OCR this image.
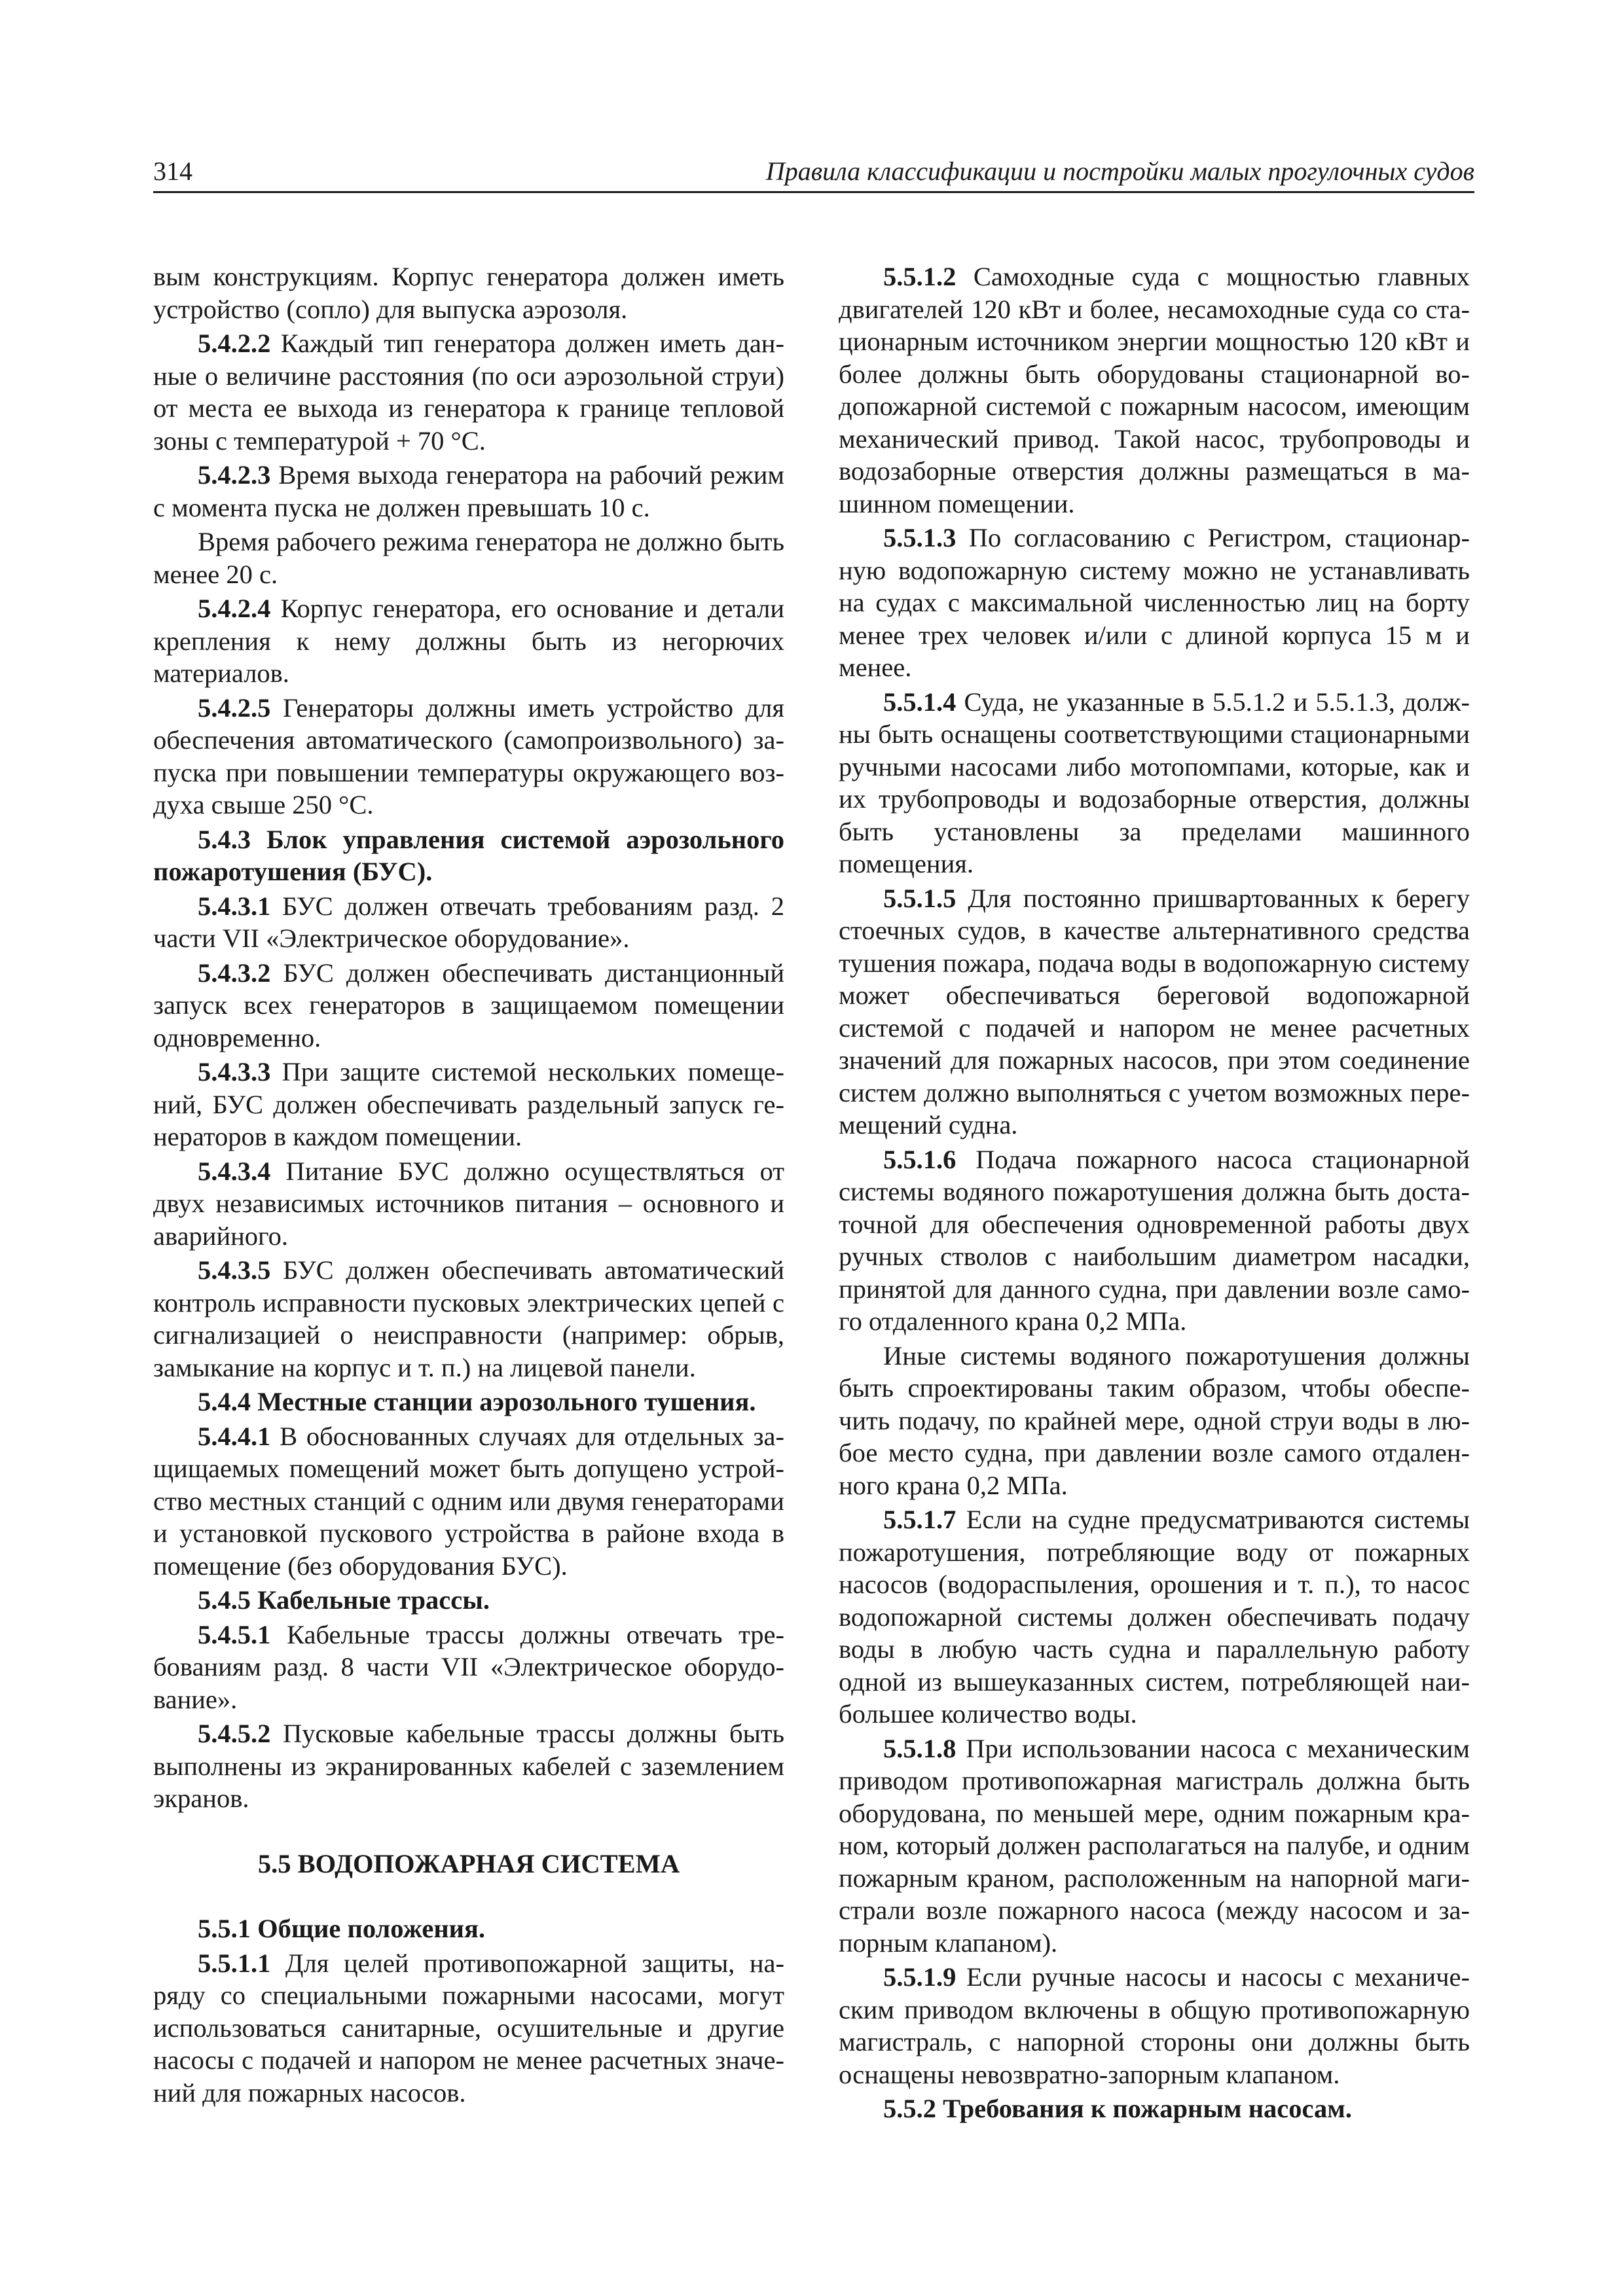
314	Правила классификации и постройки малых прогулочных судов

вым конструкциям. Корпус генератора должен иметь устройство (сопло) для выпуска аэрозоля.

5.4.2.2 Каждый тип генератора должен иметь данные о величине расстояния (по оси аэрозольной струи) от места ее выхода из генератора к границе тепловой зоны с температурой + 70 °С.

5.4.2.3 Время выхода генератора на рабочий режим с момента пуска не должен превышать 10 с.

Время рабочего режима генератора не должно быть менее 20 с.

5.4.2.4 Корпус генератора, его основание и детали крепления к нему должны быть из негорючих материалов.

5.4.2.5 Генераторы должны иметь устройство для обеспечения автоматического (самопроизвольного) запуска при повышении температуры окружающего воздуха свыше 250 °С.

5.4.3 Блок управления системой аэрозольного пожаротушения (БУС).

5.4.3.1 БУС должен отвечать требованиям разд. 2 части VII «Электрическое оборудование».

5.4.3.2 БУС должен обеспечивать дистанционный запуск всех генераторов в защищаемом помещении одновременно.

5.4.3.3 При защите системой нескольких помещений, БУС должен обеспечивать раздельный запуск генераторов в каждом помещении.

5.4.3.4 Питание БУС должно осуществляться от двух независимых источников питания – основного и аварийного.

5.4.3.5 БУС должен обеспечивать автоматический контроль исправности пусковых электрических цепей с сигнализацией о неисправности (например: обрыв, замыкание на корпус и т. п.) на лицевой панели.

5.4.4 Местные станции аэрозольного тушения.

5.4.4.1 В обоснованных случаях для отдельных защищаемых помещений может быть допущено устройство местных станций с одним или двумя генераторами и установкой пускового устройства в районе входа в помещение (без оборудования БУС).

5.4.5 Кабельные трассы.

5.4.5.1 Кабельные трассы должны отвечать требованиям разд. 8 части VII «Электрическое оборудование».

5.4.5.2 Пусковые кабельные трассы должны быть выполнены из экранированных кабелей с заземлением экранов.

5.5 ВОДОПОЖАРНАЯ СИСТЕМА

5.5.1 Общие положения.

5.5.1.1 Для целей противопожарной защиты, наряду со специальными пожарными насосами, могут использоваться санитарные, осушительные и другие насосы с подачей и напором не менее расчетных значений для пожарных насосов.

5.5.1.2 Самоходные суда с мощностью главных двигателей 120 кВт и более, несамоходные суда со стационарным источником энергии мощностью 120 кВт и более должны быть оборудованы стационарной водопожарной системой с пожарным насосом, имеющим механический привод. Такой насос, трубопроводы и водозаборные отверстия должны размещаться в машинном помещении.

5.5.1.3 По согласованию с Регистром, стационарную водопожарную систему можно не устанавливать на судах с максимальной численностью лиц на борту менее трех человек и/или с длиной корпуса 15 м и менее.

5.5.1.4 Суда, не указанные в 5.5.1.2 и 5.5.1.3, должны быть оснащены соответствующими стационарными ручными насосами либо мотопомпами, которые, как и их трубопроводы и водозаборные отверстия, должны быть установлены за пределами машинного помещения.

5.5.1.5 Для постоянно пришвартованных к берегу стоечных судов, в качестве альтернативного средства тушения пожара, подача воды в водопожарную систему может обеспечиваться береговой водопожарной системой с подачей и напором не менее расчетных значений для пожарных насосов, при этом соединение систем должно выполняться с учетом возможных перемещений судна.

5.5.1.6 Подача пожарного насоса стационарной системы водяного пожаротушения должна быть достаточной для обеспечения одновременной работы двух ручных стволов с наибольшим диаметром насадки, принятой для данного судна, при давлении возле самого отдаленного крана 0,2 МПа.

Иные системы водяного пожаротушения должны быть спроектированы таким образом, чтобы обеспечить подачу, по крайней мере, одной струи воды в любое место судна, при давлении возле самого отдаленного крана 0,2 МПа.

5.5.1.7 Если на судне предусматриваются системы пожаротушения, потребляющие воду от пожарных насосов (водораспыления, орошения и т. п.), то насос водопожарной системы должен обеспечивать подачу воды в любую часть судна и параллельную работу одной из вышеуказанных систем, потребляющей наибольшее количество воды.

5.5.1.8 При использовании насоса с механическим приводом противопожарная магистраль должна быть оборудована, по меньшей мере, одним пожарным краном, который должен располагаться на палубе, и одним пожарным краном, расположенным на напорной магистрали возле пожарного насоса (между насосом и запорным клапаном).

5.5.1.9 Если ручные насосы и насосы с механическим приводом включены в общую противопожарную магистраль, с напорной стороны они должны быть оснащены невозвратно-запорным клапаном.

5.5.2 Требования к пожарным насосам.
